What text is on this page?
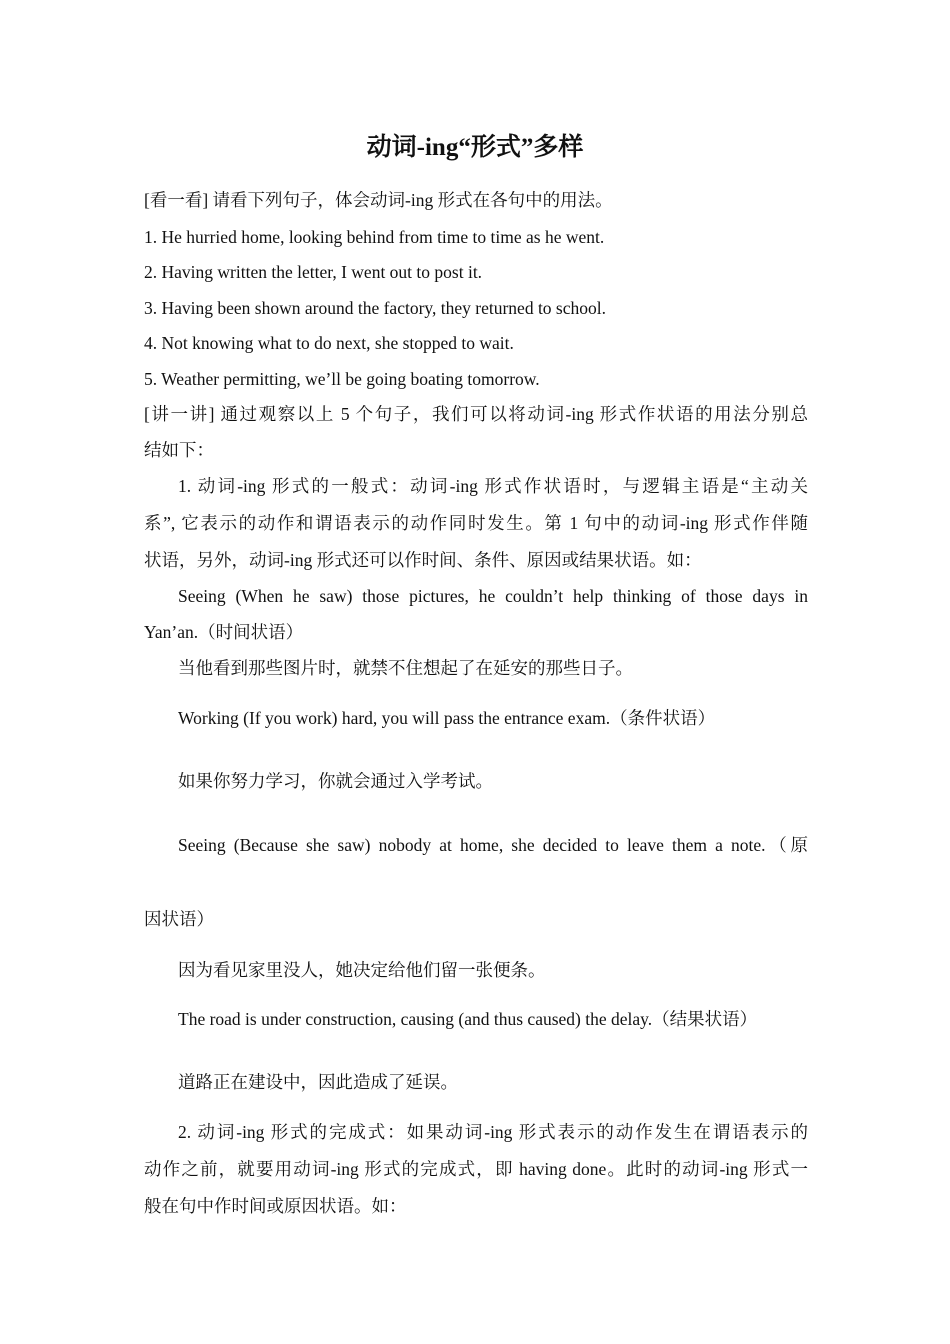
动词-ing“形式”多样

[看一看] 请看下列句子，体会动词-ing 形式在各句中的用法。

1. He hurried home, looking behind from time to time as he went.

2. Having written the letter, I went out to post it.

3. Having been shown around the factory, they returned to school.

4. Not knowing what to do next, she stopped to wait.

5. Weather permitting, we’ll be going boating tomorrow.

[讲一讲] 通过观察以上 5 个句子，我们可以将动词-ing 形式作状语的用法分别总

结如下：

1. 动词-ing 形式的一般式：动词-ing 形式作状语时，与逻辑主语是“主动关

系”, 它表示的动作和谓语表示的动作同时发生。第 1 句中的动词-ing 形式作伴随

状语，另外，动词-ing 形式还可以作时间、条件、原因或结果状语。如：

Seeing (When he saw) those pictures, he couldn’t help thinking of those days in

Yan’an.（时间状语）

当他看到那些图片时，就禁不住想起了在延安的那些日子。

Working (If you work) hard, you will pass the entrance exam.（条件状语）

如果你努力学习，你就会通过入学考试。

Seeing (Because she saw) nobody at home, she decided to leave them a note.（原

因状语）

因为看见家里没人，她决定给他们留一张便条。

The road is under construction, causing (and thus caused) the delay.（结果状语）

道路正在建设中，因此造成了延误。

2. 动词-ing 形式的完成式：如果动词-ing 形式表示的动作发生在谓语表示的

动作之前，就要用动词-ing 形式的完成式，即 having done。此时的动词-ing 形式一

般在句中作时间或原因状语。如：
